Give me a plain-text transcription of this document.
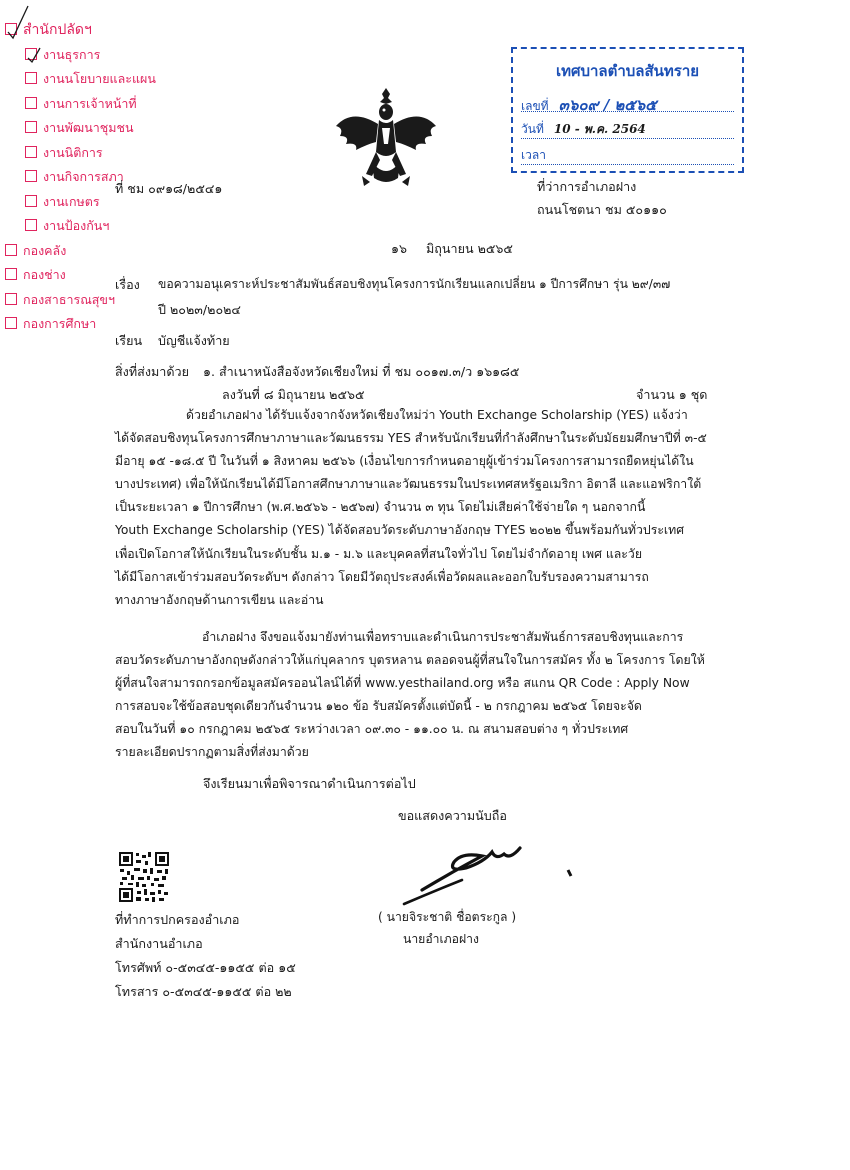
สำนักปลัดฯ
งานธุรการ
งานนโยบายและแผน
งานการเจ้าหน้าที่
งานพัฒนาชุมชน
งานนิติการ
งานกิจการสภา
งานเกษตร
งานป้องกันฯ
กองคลัง
กองช่าง
กองสาธารณสุขฯ
กองการศึกษา
ที่ ชม ๐๙๑๘/๒๕๔๑
เทศบาลตำบลสันทราย
เลขที่ ๓๖๐๙ / ๒๕๖๕
วันที่ 10 - พ.ค. 2564
เวลา
ที่ว่าการอำเภอฝาง
ถนนโชตนา ชม ๕๐๑๑๐
๑๖ มิถุนายน ๒๕๖๕
เรื่อง ขอความอนุเคราะห์ประชาสัมพันธ์สอบชิงทุนโครงการนักเรียนแลกเปลี่ยน ๑ ปีการศึกษา รุ่น ๒๙/๓๗
ปี ๒๐๒๓/๒๐๒๔
เรียน บัญชีแจ้งท้าย
สิ่งที่ส่งมาด้วย ๑. สำเนาหนังสือจังหวัดเชียงใหม่ ที่ ชม ๐๐๑๗.๓/ว ๑๖๑๘๕
ลงวันที่ ๘ มิถุนายน ๒๕๖๕	จำนวน ๑ ชุด
ด้วยอำเภอฝาง ได้รับแจ้งจากจังหวัดเชียงใหม่ว่า Youth Exchange Scholarship (YES) แจ้งว่า
ได้จัดสอบชิงทุนโครงการศึกษาภาษาและวัฒนธรรม YES สำหรับนักเรียนที่กำลังศึกษาในระดับมัธยมศึกษาปีที่ ๓-๕
มีอายุ ๑๕ -๑๘.๕ ปี ในวันที่ ๑ สิงหาคม ๒๕๖๖ (เงื่อนไขการกำหนดอายุผู้เข้าร่วมโครงการสามารถยืดหยุ่นได้ใน
บางประเทศ) เพื่อให้นักเรียนได้มีโอกาสศึกษาภาษาและวัฒนธรรมในประเทศสหรัฐอเมริกา อิตาลี และแอฟริกาใต้
เป็นระยะเวลา ๑ ปีการศึกษา (พ.ศ.๒๕๖๖ - ๒๕๖๗) จำนวน ๓ ทุน โดยไม่เสียค่าใช้จ่ายใด ๆ นอกจากนี้
Youth Exchange Scholarship (YES) ได้จัดสอบวัดระดับภาษาอังกฤษ TYES ๒๐๒๒ ขึ้นพร้อมกันทั่วประเทศ
เพื่อเปิดโอกาสให้นักเรียนในระดับชั้น ม.๑ - ม.๖ และบุคคลที่สนใจทั่วไป โดยไม่จำกัดอายุ เพศ และวัย
ได้มีโอกาสเข้าร่วมสอบวัดระดับฯ ดังกล่าว โดยมีวัตถุประสงค์เพื่อวัดผลและออกใบรับรองความสามารถ
ทางภาษาอังกฤษด้านการเขียน และอ่าน
อำเภอฝาง จึงขอแจ้งมายังท่านเพื่อทราบและดำเนินการประชาสัมพันธ์การสอบชิงทุนและการ
สอบวัดระดับภาษาอังกฤษดังกล่าวให้แก่บุคลากร บุตรหลาน ตลอดจนผู้ที่สนใจในการสมัคร ทั้ง ๒ โครงการ โดยให้
ผู้ที่สนใจสามารถกรอกข้อมูลสมัครออนไลน์ได้ที่ www.yesthailand.org หรือ สแกน QR Code : Apply Now
การสอบจะใช้ข้อสอบชุดเดียวกันจำนวน ๑๒๐ ข้อ รับสมัครตั้งแต่บัดนี้ - ๒ กรกฎาคม ๒๕๖๕ โดยจะจัด
สอบในวันที่ ๑๐ กรกฎาคม ๒๕๖๕ ระหว่างเวลา ๐๙.๓๐ - ๑๑.๐๐ น. ณ สนามสอบต่าง ๆ ทั่วประเทศ
รายละเอียดปรากฏตามสิ่งที่ส่งมาด้วย
จึงเรียนมาเพื่อพิจารณาดำเนินการต่อไป
ขอแสดงความนับถือ
( นายจิระชาติ ชื่อตระกูล )
นายอำเภอฝาง
ที่ทำการปกครองอำเภอ
สำนักงานอำเภอ
โทรศัพท์ ๐-๕๓๔๕-๑๑๕๕ ต่อ ๑๕
โทรสาร ๐-๕๓๔๕-๑๑๕๕ ต่อ ๒๒
